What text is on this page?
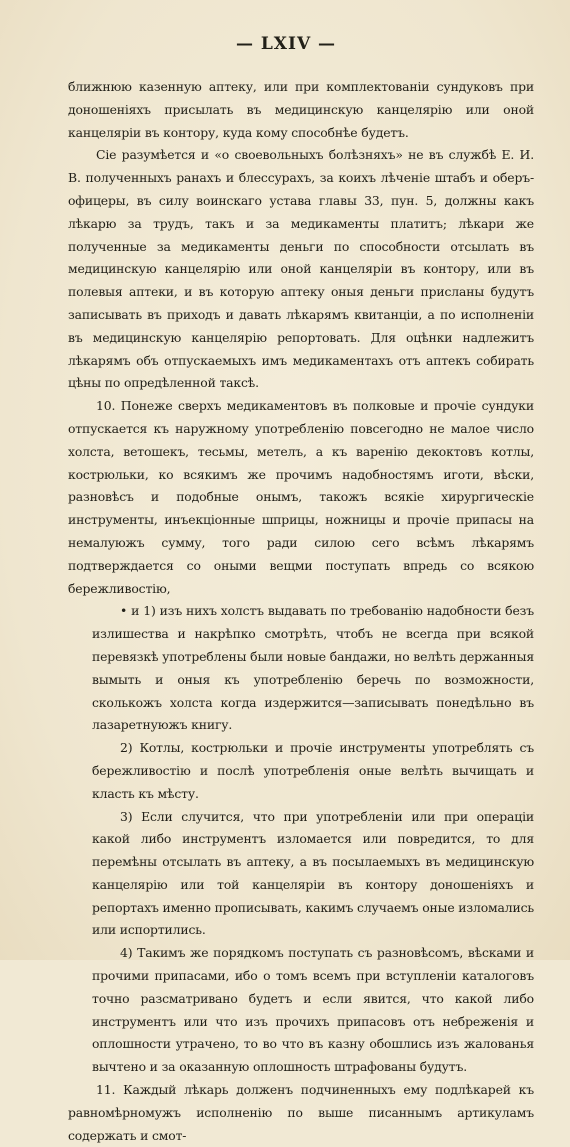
— LXIV —

ближнюю казенную аптеку, или при комплектованіи сундуковъ при доношеніяхъ присылать въ медицинскую канцелярію или оной канцеляріи въ контору, куда кому способнѣе будетъ.

Сіе разумѣется и «о своевольныхъ болѣзняхъ» не въ службѣ Е. И. В. полученныхъ ранахъ и блессурахъ, за коихъ лѣченіе штабъ и оберъ-офицеры, въ силу воинскаго устава главы 33, пун. 5, должны какъ лѣкарю за трудъ, такъ и за медикаменты платитъ; лѣкари же полученные за медикаменты деньги по способности отсылать въ медицинскую канцелярію или оной канцеляріи въ контору, или въ полевыя аптеки, и въ которую аптеку оныя деньги присланы будутъ записывать въ приходъ и давать лѣкарямъ квитанціи, а по исполненіи въ медицинскую канцелярію репортовать. Для оцѣнки надлежитъ лѣкарямъ объ отпускаемыхъ имъ медикаментахъ отъ аптекъ собирать цѣны по опредѣленной таксѣ.

10. Понеже сверхъ медикаментовъ въ полковые и прочіе сундуки отпускается къ наружному употребленію повсегодно не малое число холста, ветошекъ, тесьмы, метелъ, а къ варенію декоктовъ котлы, кострюльки, ко всякимъ же прочимъ надобностямъ иготи, вѣски, разновѣсъ и подобные онымъ, такожъ всякіе хирургическіе инструменты, инъекціонные шприцы, ножницы и прочіе припасы на немалуюжъ сумму, того ради силою сего всѣмъ лѣкарямъ подтверждается со оными вещми поступать впредь со всякою бережливостію,

• и 1) изъ нихъ холстъ выдавать по требованію надобности безъ излишества и накрѣпко смотрѣть, чтобъ не всегда при всякой перевязкѣ употреблены были новые бандажи, но велѣть держанныя вымыть и оныя къ употребленію беречь по возможности, сколькожъ холста когда издержится—записывать понедѣльно въ лазаретнуюжъ книгу.

2) Котлы, кострюльки и прочіе инструменты употреблять съ бережливостію и послѣ употребленія оные велѣть вычищать и класть къ мѣсту.

3) Если случится, что при употребленіи или при операціи какой либо инструментъ изломается или повредится, то для перемѣны отсылать въ аптеку, а въ посылаемыхъ въ медицинскую канцелярію или той канцеляріи въ контору доношеніяхъ и репортахъ именно прописывать, какимъ случаемъ оные изломались или испортились.

4) Такимъ же порядкомъ поступать съ разновѣсомъ, вѣсками и прочими припасами, ибо о томъ всемъ при вступленіи каталоговъ точно разсматривано будетъ и если явится, что какой либо инструментъ или что изъ прочихъ припасовъ отъ небреженія и оплошности утрачено, то во что въ казну обошлись изъ жалованья вычтено и за оказанную оплошность штрафованы будутъ.

11. Каждый лѣкарь долженъ подчиненныхъ ему подлѣкарей къ равномѣрномужъ исполненію по выше писаннымъ артикуламъ содержать и смот-
